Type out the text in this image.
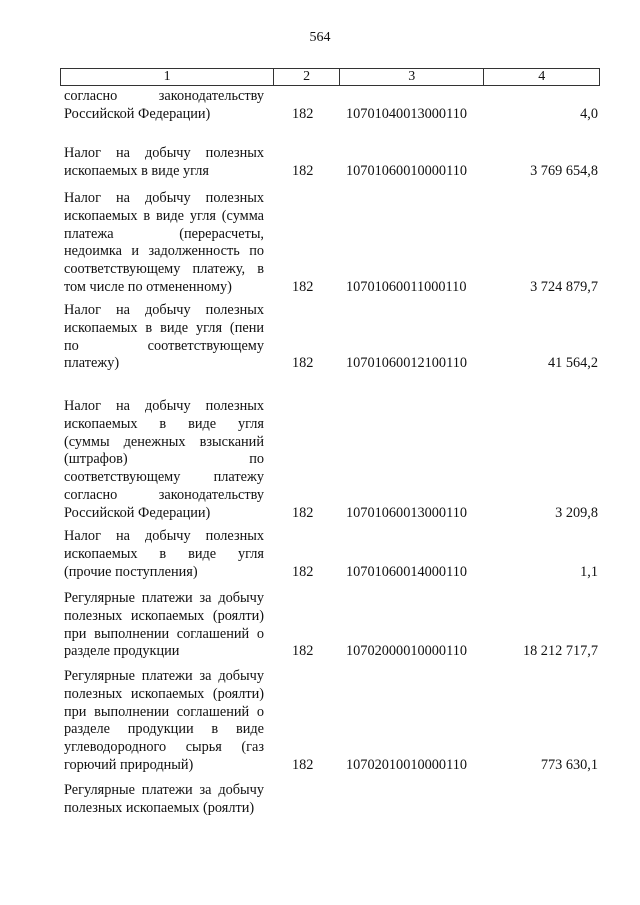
564
1	2	3	4
согласно законодательству
Российской Федерации)	182	10701040013000110	4,0
Налог на добычу полезных
ископаемых в виде угля	182	10701060010000110	3 769 654,8
Налог на добычу полезных
ископаемых в виде угля (сумма
платежа (перерасчеты,
недоимка и задолженность по
соответствующему платежу, в
том числе по отмененному)	182	10701060011000110	3 724 879,7
Налог на добычу полезных
ископаемых в виде угля (пени
по соответствующему
платежу)	182	10701060012100110	41 564,2
Налог на добычу полезных
ископаемых в виде угля
(суммы денежных взысканий
(штрафов) по
соответствующему платежу
согласно законодательству
Российской Федерации)	182	10701060013000110	3 209,8
Налог на добычу полезных
ископаемых в виде угля
(прочие поступления)	182	10701060014000110	1,1
Регулярные платежи за добычу
полезных ископаемых (роялти)
при выполнении соглашений о
разделе продукции	182	10702000010000110	18 212 717,7
Регулярные платежи за добычу
полезных ископаемых (роялти)
при выполнении соглашений о
разделе продукции в виде
углеводородного сырья (газ
горючий природный)	182	10702010010000110	773 630,1
Регулярные платежи за добычу
полезных ископаемых (роялти)
